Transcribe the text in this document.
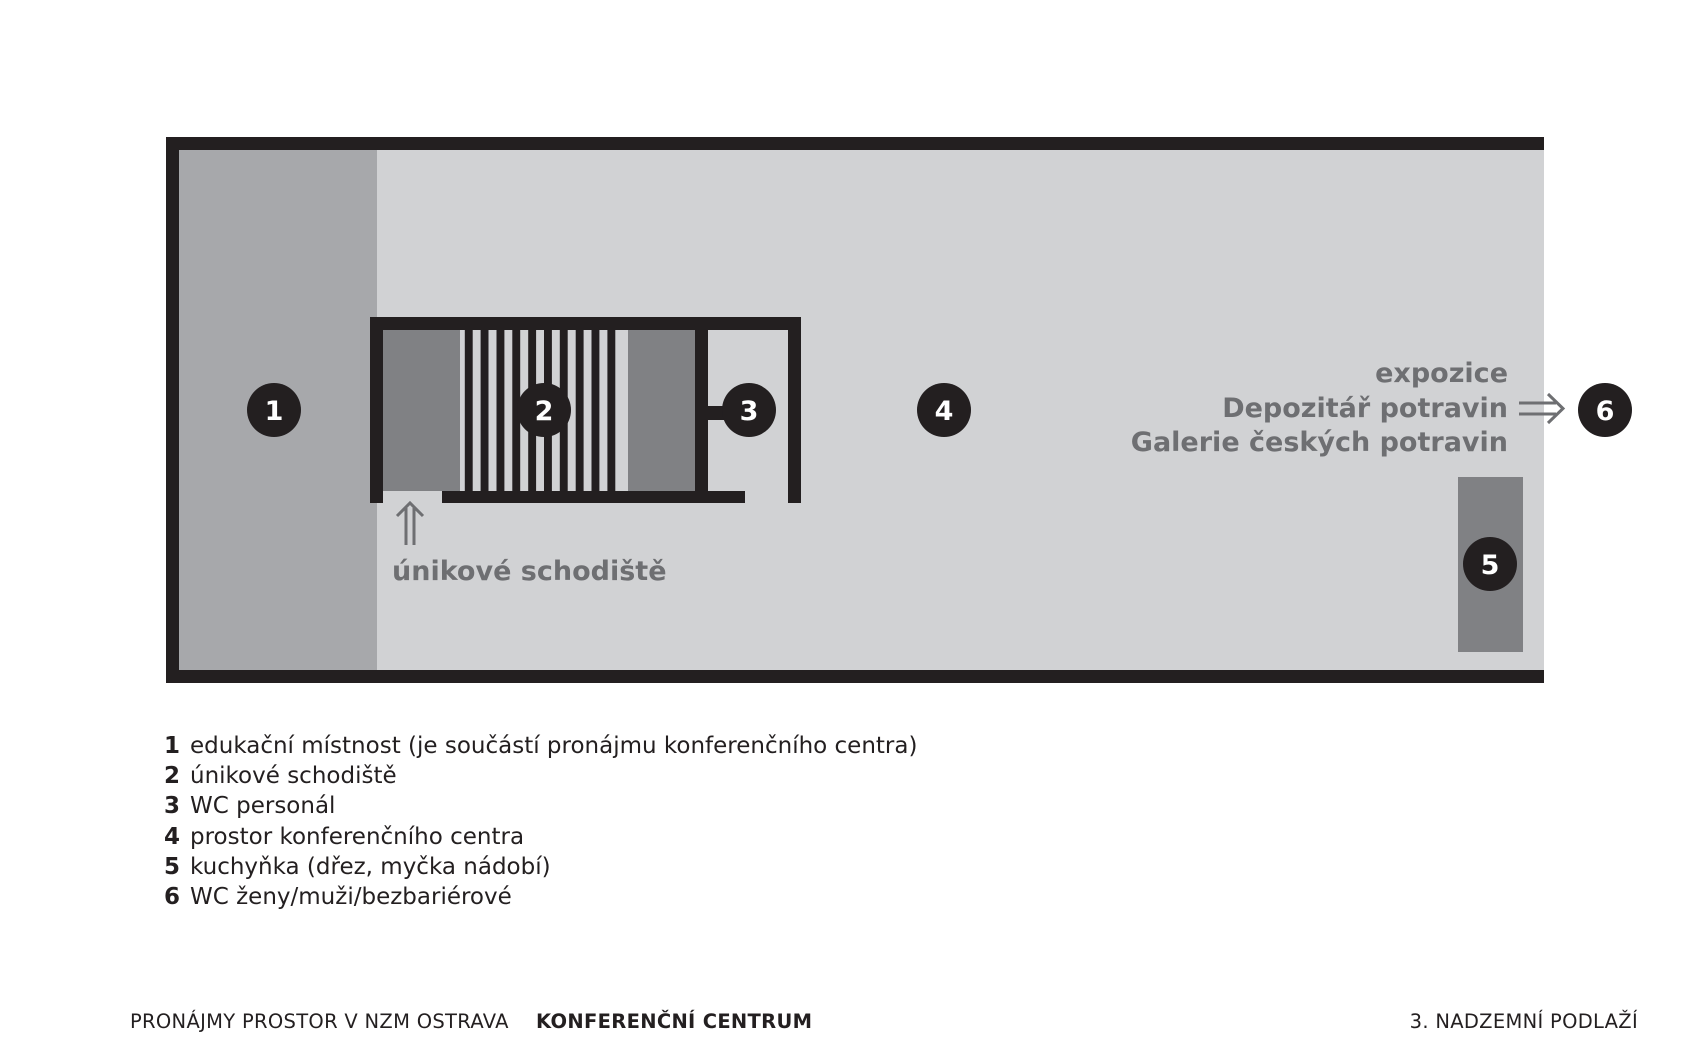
únikové schodiště
expozice
Depozitář potravin
Galerie českých potravin
1	2	3	4
5
6
1 edukační místnost (je součástí pronájmu konferenčního centra)
2 únikové schodiště
3 WC personál
4 prostor konferenčního centra
5 kuchyňka (dřez, myčka nádobí)
6 WC ženy/muži/bezbariérové
PRONÁJMY PROSTOR V NZM OSTRAVA KONFERENČNÍ CENTRUM	3. NADZEMNÍ PODLAŽÍ
